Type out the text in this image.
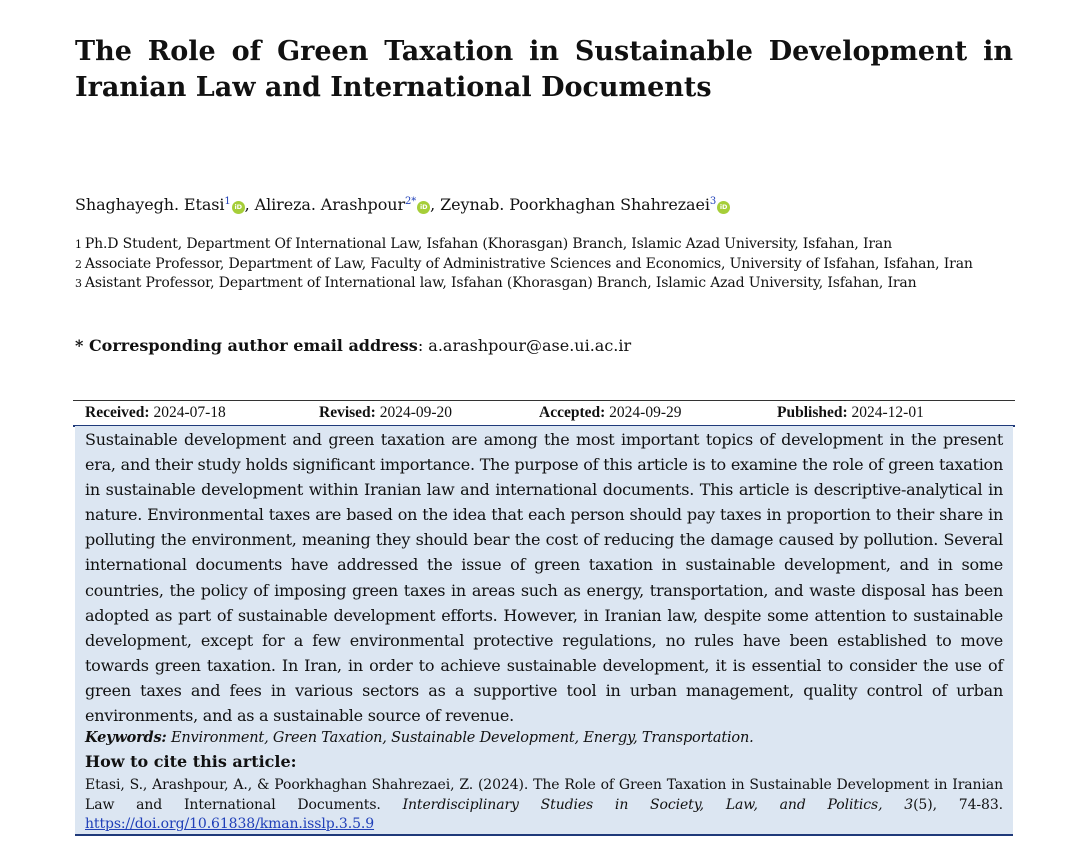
The Role of Green Taxation in Sustainable Development in Iranian Law and International Documents
Shaghayegh. Etasi$^1$ iD , Alireza. Arashpour$^{2*}$ iD , Zeynab. Poorkhaghan Shahrezaei$^3$ iD
1 Ph.D Student, Department Of International Law, Isfahan (Khorasgan) Branch, Islamic Azad University, Isfahan, Iran
2 Associate Professor, Department of Law, Faculty of Administrative Sciences and Economics, University of Isfahan, Isfahan, Iran
3 Asistant Professor, Department of International law, Isfahan (Khorasgan) Branch, Islamic Azad University, Isfahan, Iran
* Corresponding author email address: a.arashpour@ase.ui.ac.ir
Received: 2024-07-18	Revised: 2024-09-20	Accepted: 2024-09-29	Published: 2024-12-01

Sustainable development and green taxation are among the most important topics of development in the present era, and their study holds significant importance. The purpose of this article is to examine the role of green taxation in sustainable development within Iranian law and international documents. This article is descriptive-analytical in nature. Environmental taxes are based on the idea that each person should pay taxes in proportion to their share in polluting the environment, meaning they should bear the cost of reducing the damage caused by pollution. Several international documents have addressed the issue of green taxation in sustainable development, and in some countries, the policy of imposing green taxes in areas such as energy, transportation, and waste disposal has been adopted as part of sustainable development efforts. However, in Iranian law, despite some attention to sustainable development, except for a few environmental protective regulations, no rules have been established to move towards green taxation. In Iran, in order to achieve sustainable development, it is essential to consider the use of green taxes and fees in various sectors as a supportive tool in urban management, quality control of urban environments, and as a sustainable source of revenue.

Keywords: Environment, Green Taxation, Sustainable Development, Energy, Transportation.
How to cite this article:

Etasi, S., Arashpour, A., & Poorkhaghan Shahrezaei, Z. (2024). The Role of Green Taxation in Sustainable Development in Iranian Law and International Documents. Interdisciplinary Studies in Society, Law, and Politics, 3(5), 74-83. https://doi.org/10.61838/kman.isslp.3.5.9
